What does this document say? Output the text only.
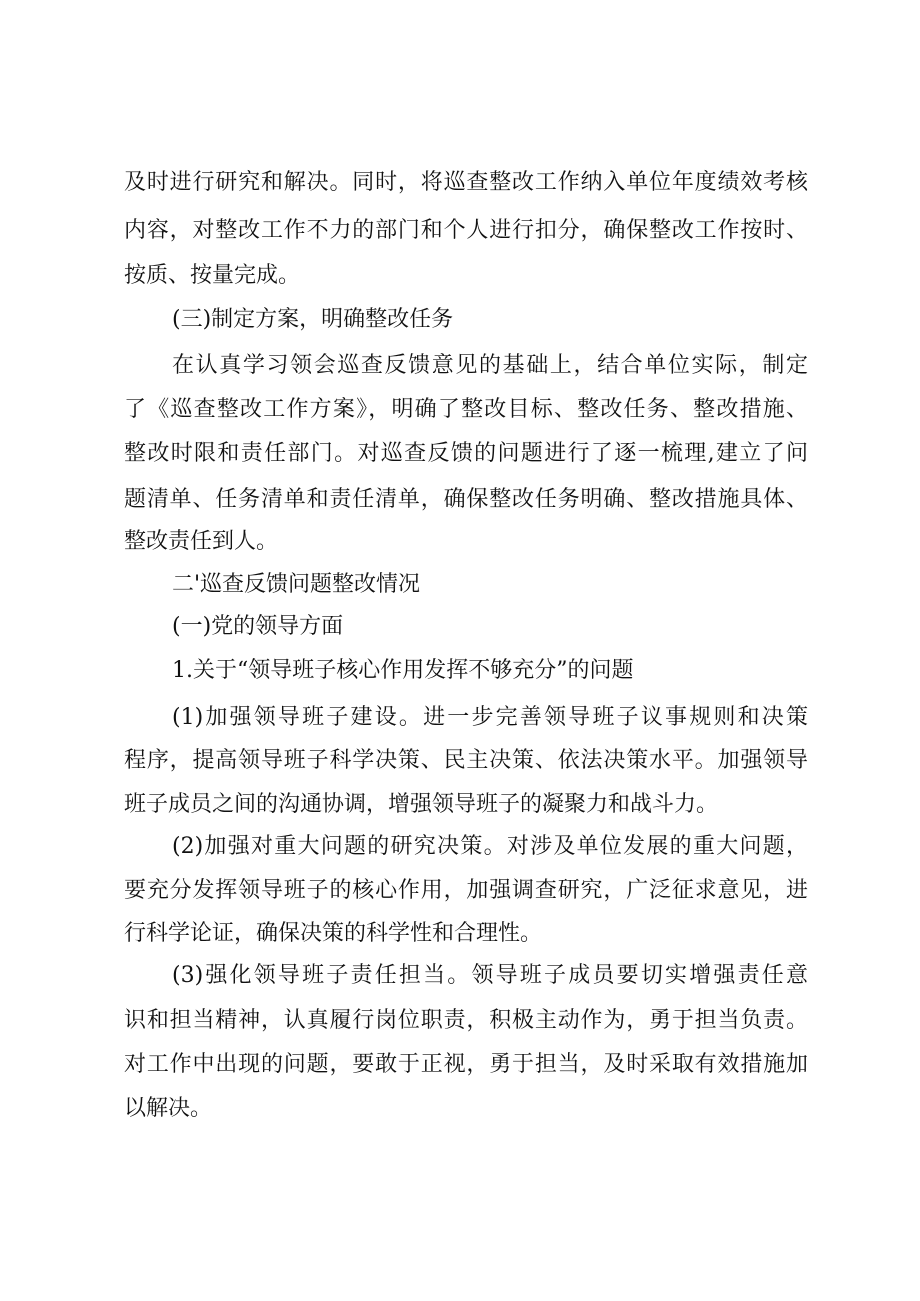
及时进行研究和解决。同时，将巡查整改工作纳入单位年度绩效考核
内容，对整改工作不力的部门和个人进行扣分，确保整改工作按时、
按质、按量完成。
(三)制定方案，明确整改任务
在认真学习领会巡查反馈意见的基础上，结合单位实际，制定
了《巡查整改工作方案》，明确了整改目标、整改任务、整改措施、
整改时限和责任部门。对巡查反馈的问题进行了逐一梳理,建立了问
题清单、任务清单和责任清单，确保整改任务明确、整改措施具体、
整改责任到人。
二'巡查反馈问题整改情况
(一)党的领导方面
1.关于“领导班子核心作用发挥不够充分”的问题
(1)加强领导班子建设。进一步完善领导班子议事规则和决策
程序，提高领导班子科学决策、民主决策、依法决策水平。加强领导
班子成员之间的沟通协调，增强领导班子的凝聚力和战斗力。
(2)加强对重大问题的研究决策。对涉及单位发展的重大问题，
要充分发挥领导班子的核心作用，加强调查研究，广泛征求意见，进
行科学论证，确保决策的科学性和合理性。
(3)强化领导班子责任担当。领导班子成员要切实增强责任意
识和担当精神，认真履行岗位职责，积极主动作为，勇于担当负责。
对工作中出现的问题，要敢于正视，勇于担当，及时采取有效措施加
以解决。
